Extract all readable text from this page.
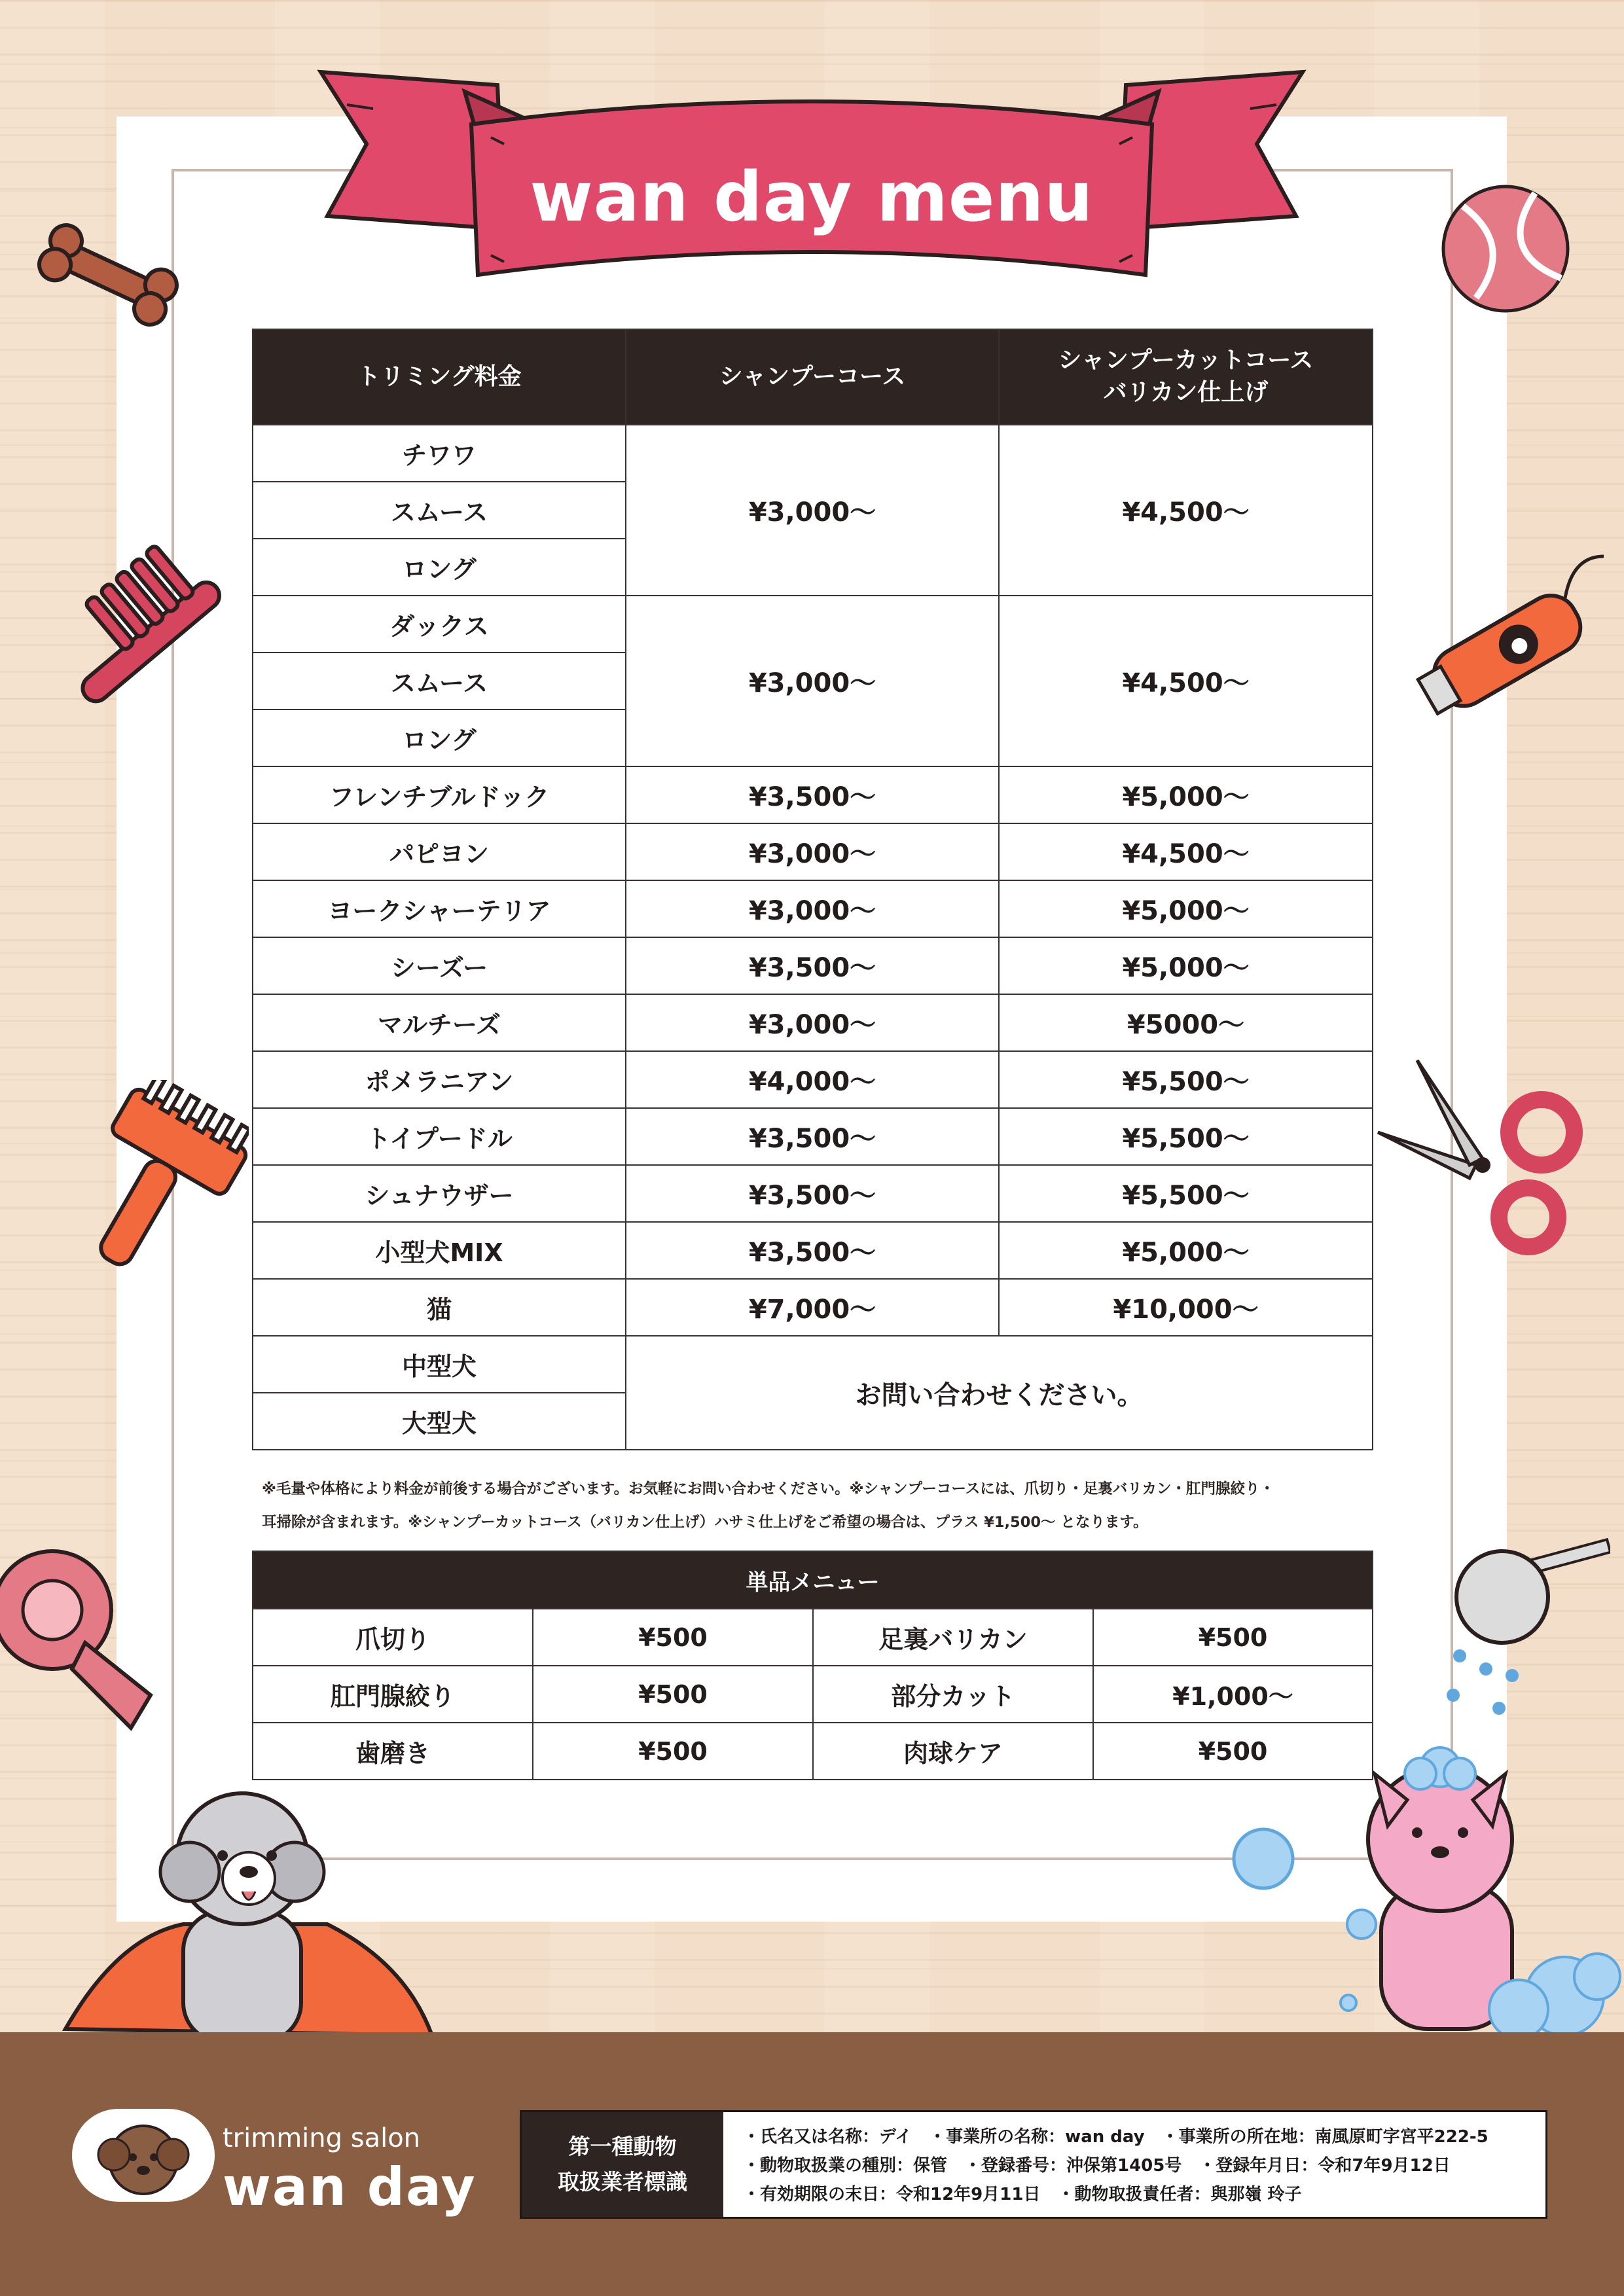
wan day menu
トリミング料金	シャンプーコース	シャンプーカットコース
バリカン仕上げ
チワワ	¥3,000〜	¥4,500〜
スムース		
ロング		
ダックス	¥3,000〜	¥4,500〜
スムース		
ロング		
フレンチブルドック	¥3,500〜	¥5,000〜
パピヨン	¥3,000〜	¥4,500〜
ヨークシャーテリア	¥3,000〜	¥5,000〜
シーズー	¥3,500〜	¥5,000〜
マルチーズ	¥3,000〜	¥5000〜
ポメラニアン	¥4,000〜	¥5,500〜
トイプードル	¥3,500〜	¥5,500〜
シュナウザー	¥3,500〜	¥5,500〜
小型犬MIX	¥3,500〜	¥5,000〜
猫	¥7,000〜	¥10,000〜
中型犬	お問い合わせください。	
大型犬		
※毛量や体格により料金が前後する場合がございます。お気軽にお問い合わせください。※シャンプーコースには、爪切り・足裏バリカン・肛門腺絞り・
耳掃除が含まれます。※シャンプーカットコース（バリカン仕上げ）ハサミ仕上げをご希望の場合は、プラス ¥1,500〜 となります。
単品メニュー			
爪切り	¥500	足裏バリカン	¥500
肛門腺絞り	¥500	部分カット	¥1,000〜
歯磨き	¥500	肉球ケア	¥500
trimming salon
wan day
第一種動物
取扱業者標識
・氏名又は名称：デイ　・事業所の名称：wan day　・事業所の所在地：南風原町字宮平222-5
・動物取扱業の種別：保管　・登録番号：沖保第1405号　・登録年月日：令和7年9月12日
・有効期限の末日：令和12年9月11日　・動物取扱責任者：與那嶺 玲子
